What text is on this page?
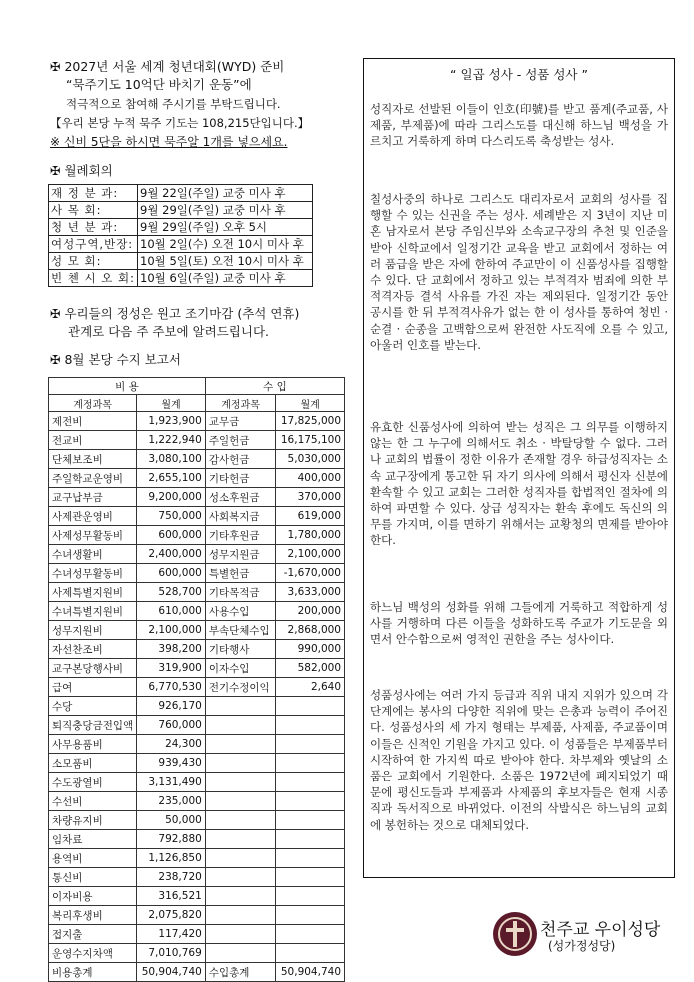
✠ 2027년 서울 세계 청년대회(WYD) 준비
“묵주기도 10억단 바치기 운동”에
적극적으로 참여해 주시기를 부탁드립니다.
【우리 본당 누적 묵주 기도는 108,215단입니다.】
※ 신비 5단을 하시면 묵주알 1개를 넣으세요.
✠ 월례회의
재 정 분 과:	9월 22일(주일) 교중 미사 후
사 목 회:	9월 29일(주일) 교중 미사 후
청 년 분 과:	9월 29일(주일) 오후 5시
여성구역,반장:	10월 2일(수) 오전 10시 미사 후
성 모 회:	10월 5일(토) 오전 10시 미사 후
빈 첸 시 오 회:	10월 6일(주일) 교중 미사 후
✠ 우리들의 정성은 원고 조기마감 (추석 연휴)
관계로 다음 주 주보에 알려드립니다.
✠ 8월 본당 수지 보고서
비 용		수 입	
계정과목	월계	계정과목	월계
제전비	1,923,900	교무금	17,825,000
전교비	1,222,940	주일헌금	16,175,100
단체보조비	3,080,100	감사헌금	5,030,000
주일학교운영비	2,655,100	기타헌금	400,000
교구납부금	9,200,000	성소후원금	370,000
사제관운영비	750,000	사회복지금	619,000
사제성무활동비	600,000	기타후원금	1,780,000
수녀생활비	2,400,000	성무지원금	2,100,000
수녀성무활동비	600,000	특별헌금	-1,670,000
사제특별지원비	528,700	기타목적금	3,633,000
수녀특별지원비	610,000	사용수입	200,000
성무지원비	2,100,000	부속단체수입	2,868,000
자선찬조비	398,200	기타행사	990,000
교구본당행사비	319,900	이자수입	582,000
급여	6,770,530	전기수정이익	2,640
수당	926,170		
퇴직충당금전입액	760,000		
사무용품비	24,300		
소모품비	939,430		
수도광열비	3,131,490		
수선비	235,000		
차량유지비	50,000		
임차료	792,880		
용역비	1,126,850		
통신비	238,720		
이자비용	316,521		
복리후생비	2,075,820		
접지출	117,420		
운영수지차액	7,010,769		
비용총계	50,904,740	수입총계	50,904,740
“ 일곱 성사 - 성품 성사 ”

성직자로 선발된 이들이 인호(印號)를 받고 품계(주교품, 사제품, 부제품)에 따라 그리스도를 대신해 하느님 백성을 가르치고 거룩하게 하며 다스리도록 축성받는 성사.

칠성사중의 하나로 그리스도 대리자로서 교회의 성사를 집행할 수 있는 신권을 주는 성사. 세례받은 지 3년이 지난 미혼 남자로서 본당 주임신부와 소속교구장의 추천 및 인준을 받아 신학교에서 일정기간 교육을 받고 교회에서 정하는 여러 품급을 받은 자에 한하여 주교만이 이 신품성사를 집행할 수 있다. 단 교회에서 정하고 있는 부적격자 범죄에 의한 부적격자등 결석 사유를 가진 자는 제외된다. 일정기간 동안 공시를 한 뒤 부적격사유가 없는 한 이 성사를 통하여 청빈 · 순결 · 순종을 고백함으로써 완전한 사도직에 오를 수 있고, 아울러 인호를 받는다.

유효한 신품성사에 의하여 받는 성직은 그 의무를 이행하지 않는 한 그 누구에 의해서도 취소 · 박탈당할 수 없다. 그러나 교회의 법률이 정한 이유가 존재할 경우 하급성직자는 소속 교구장에게 통고한 뒤 자기 의사에 의해서 평신자 신분에 환속할 수 있고 교회는 그러한 성직자를 합법적인 절차에 의하여 파면할 수 있다. 상급 성직자는 환속 후에도 독신의 의무를 가지며, 이를 면하기 위해서는 교황청의 면제를 받아야 한다.

하느님 백성의 성화를 위해 그들에게 거룩하고 적합하게 성사를 거행하며 다른 이들을 성화하도록 주교가 기도문을 외면서 안수함으로써 영적인 권한을 주는 성사이다.

성품성사에는 여러 가지 등급과 직위 내지 지위가 있으며 각 단계에는 봉사의 다양한 직위에 맞는 은총과 능력이 주어진다. 성품성사의 세 가지 형태는 부제품, 사제품, 주교품이며 이들은 신적인 기원을 가지고 있다. 이 성품들은 부제품부터 시작하여 한 가지씩 따로 받아야 한다. 차부제와 옛날의 소품은 교회에서 기원한다. 소품은 1972년에 폐지되었기 때문에 평신도들과 부제품과 사제품의 후보자들은 현재 시종직과 독서직으로 바뀌었다. 이전의 삭발식은 하느님의 교회에 봉헌하는 것으로 대체되었다.

천주교 우이성당
(성가정성당)
